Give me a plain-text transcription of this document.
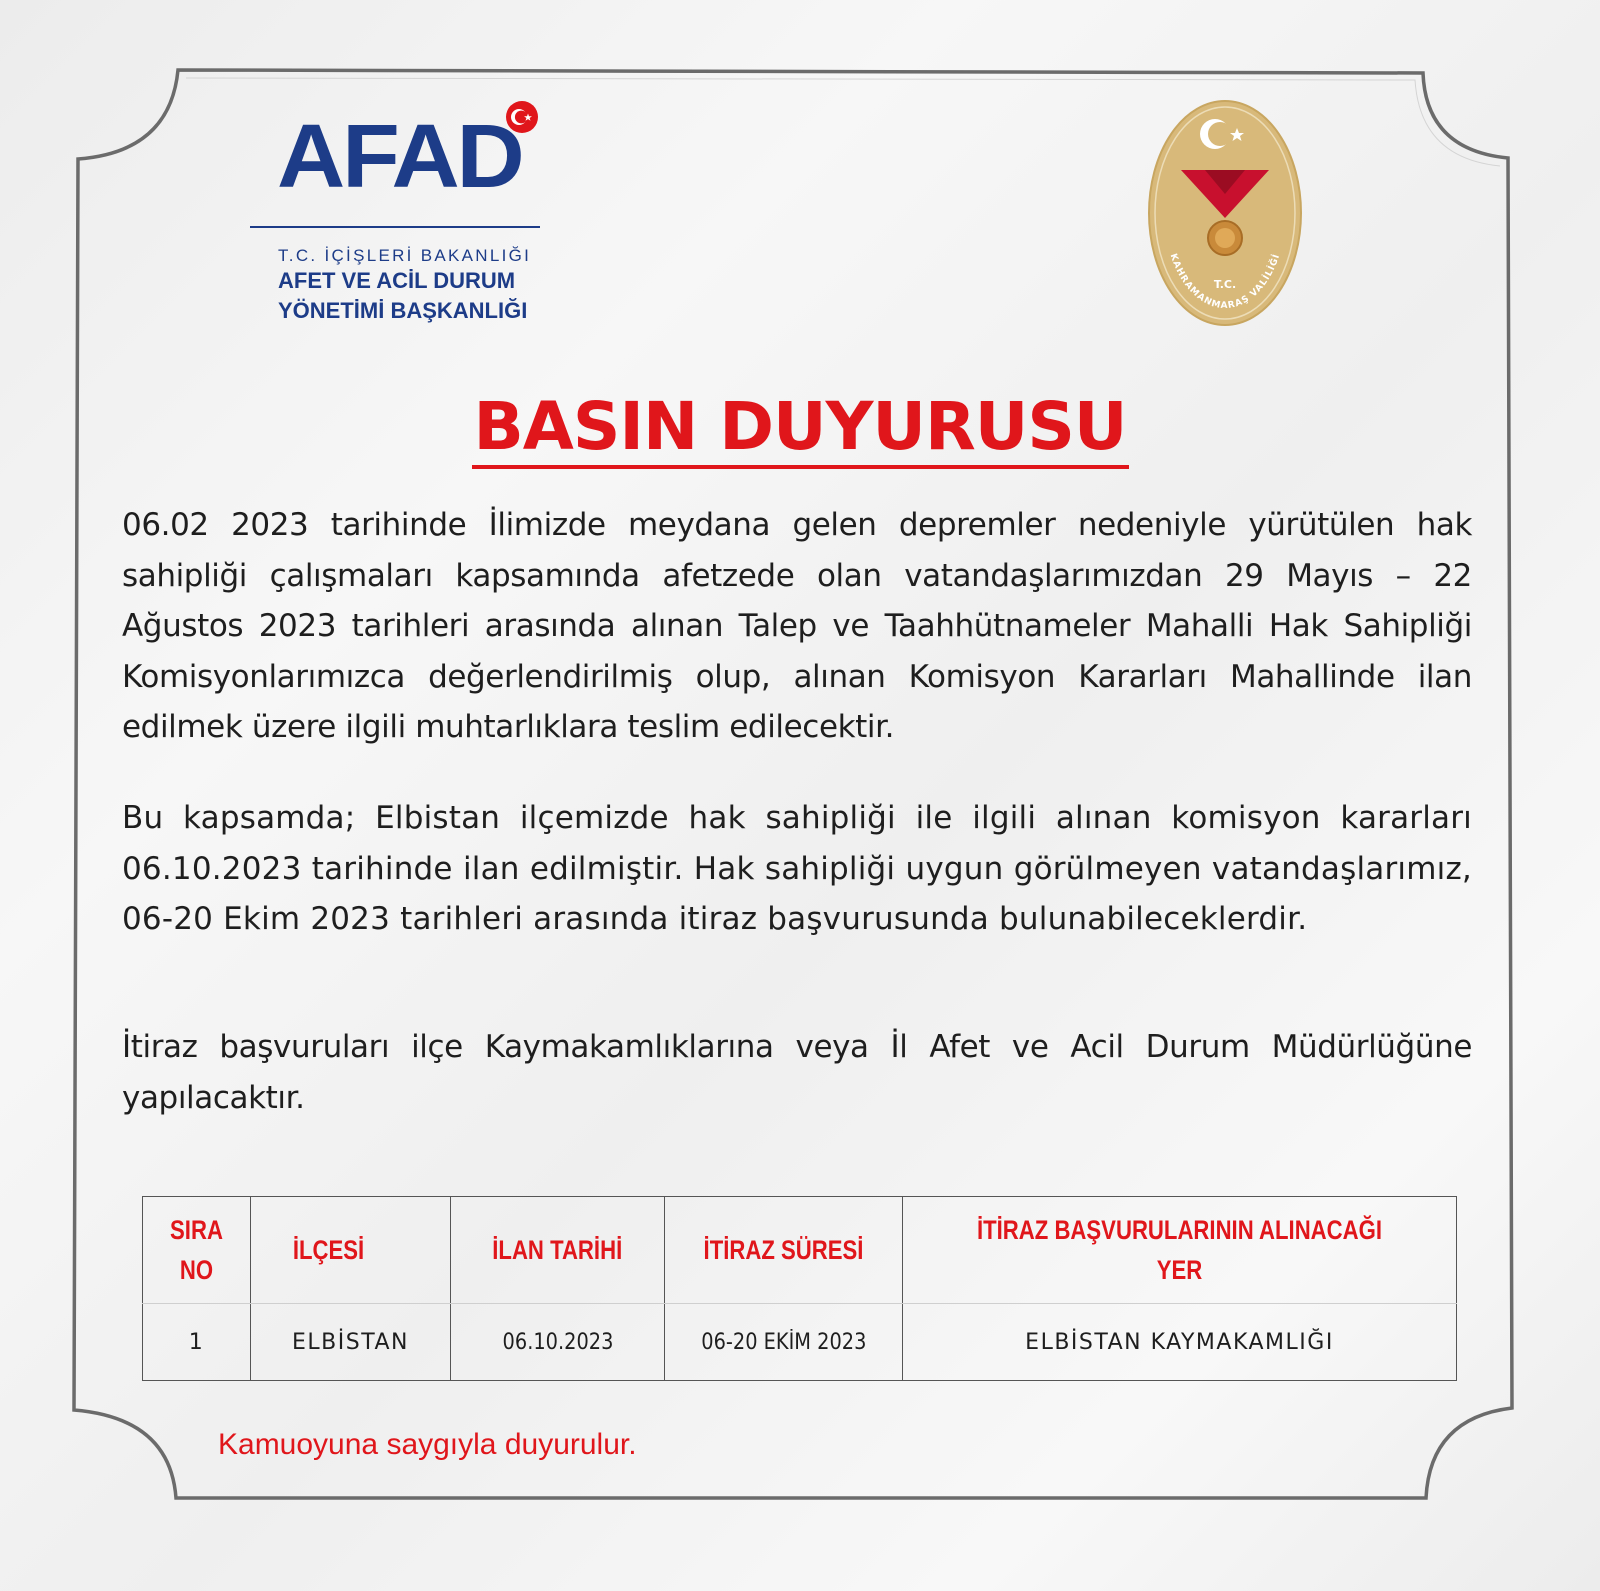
AFAD
T.C. İÇİŞLERİ BAKANLIĞI
AFET VE ACİL DURUM
YÖNETİMİ BAŞKANLIĞI
T.C.
KAHRAMANMARAŞ VALİLİĞİ
BASIN DUYURUSU

06.02 2023 tarihinde İlimizde meydana gelen depremler nedeniyle yürütülen hak sahipliği çalışmaları kapsamında afetzede olan vatandaşlarımızdan 29 Mayıs – 22 Ağustos 2023 tarihleri arasında alınan Talep ve Taahhütnameler Mahalli Hak Sahipliği Komisyonlarımızca değerlendirilmiş olup, alınan Komisyon Kararları Mahallinde ilan edilmek üzere ilgili muhtarlıklara teslim edilecektir.

Bu kapsamda; Elbistan ilçemizde hak sahipliği ile ilgili alınan komisyon kararları 06.10.2023 tarihinde ilan edilmiştir. Hak sahipliği uygun görülmeyen vatandaşlarımız, 06-20 Ekim 2023 tarihleri arasında itiraz başvurusunda bulunabileceklerdir.

İtiraz başvuruları ilçe Kaymakamlıklarına veya İl Afet ve Acil Durum Müdürlüğüne yapılacaktır.

SIRA NO	İLÇESİ	İLAN TARİHİ	İTİRAZ SÜRESİ	İTİRAZ BAŞVURULARININ ALINACAĞI YER
1	ELBİSTAN	06.10.2023	06-20 EKİM 2023	ELBİSTAN KAYMAKAMLIĞI

Kamuoyuna saygıyla duyurulur.
